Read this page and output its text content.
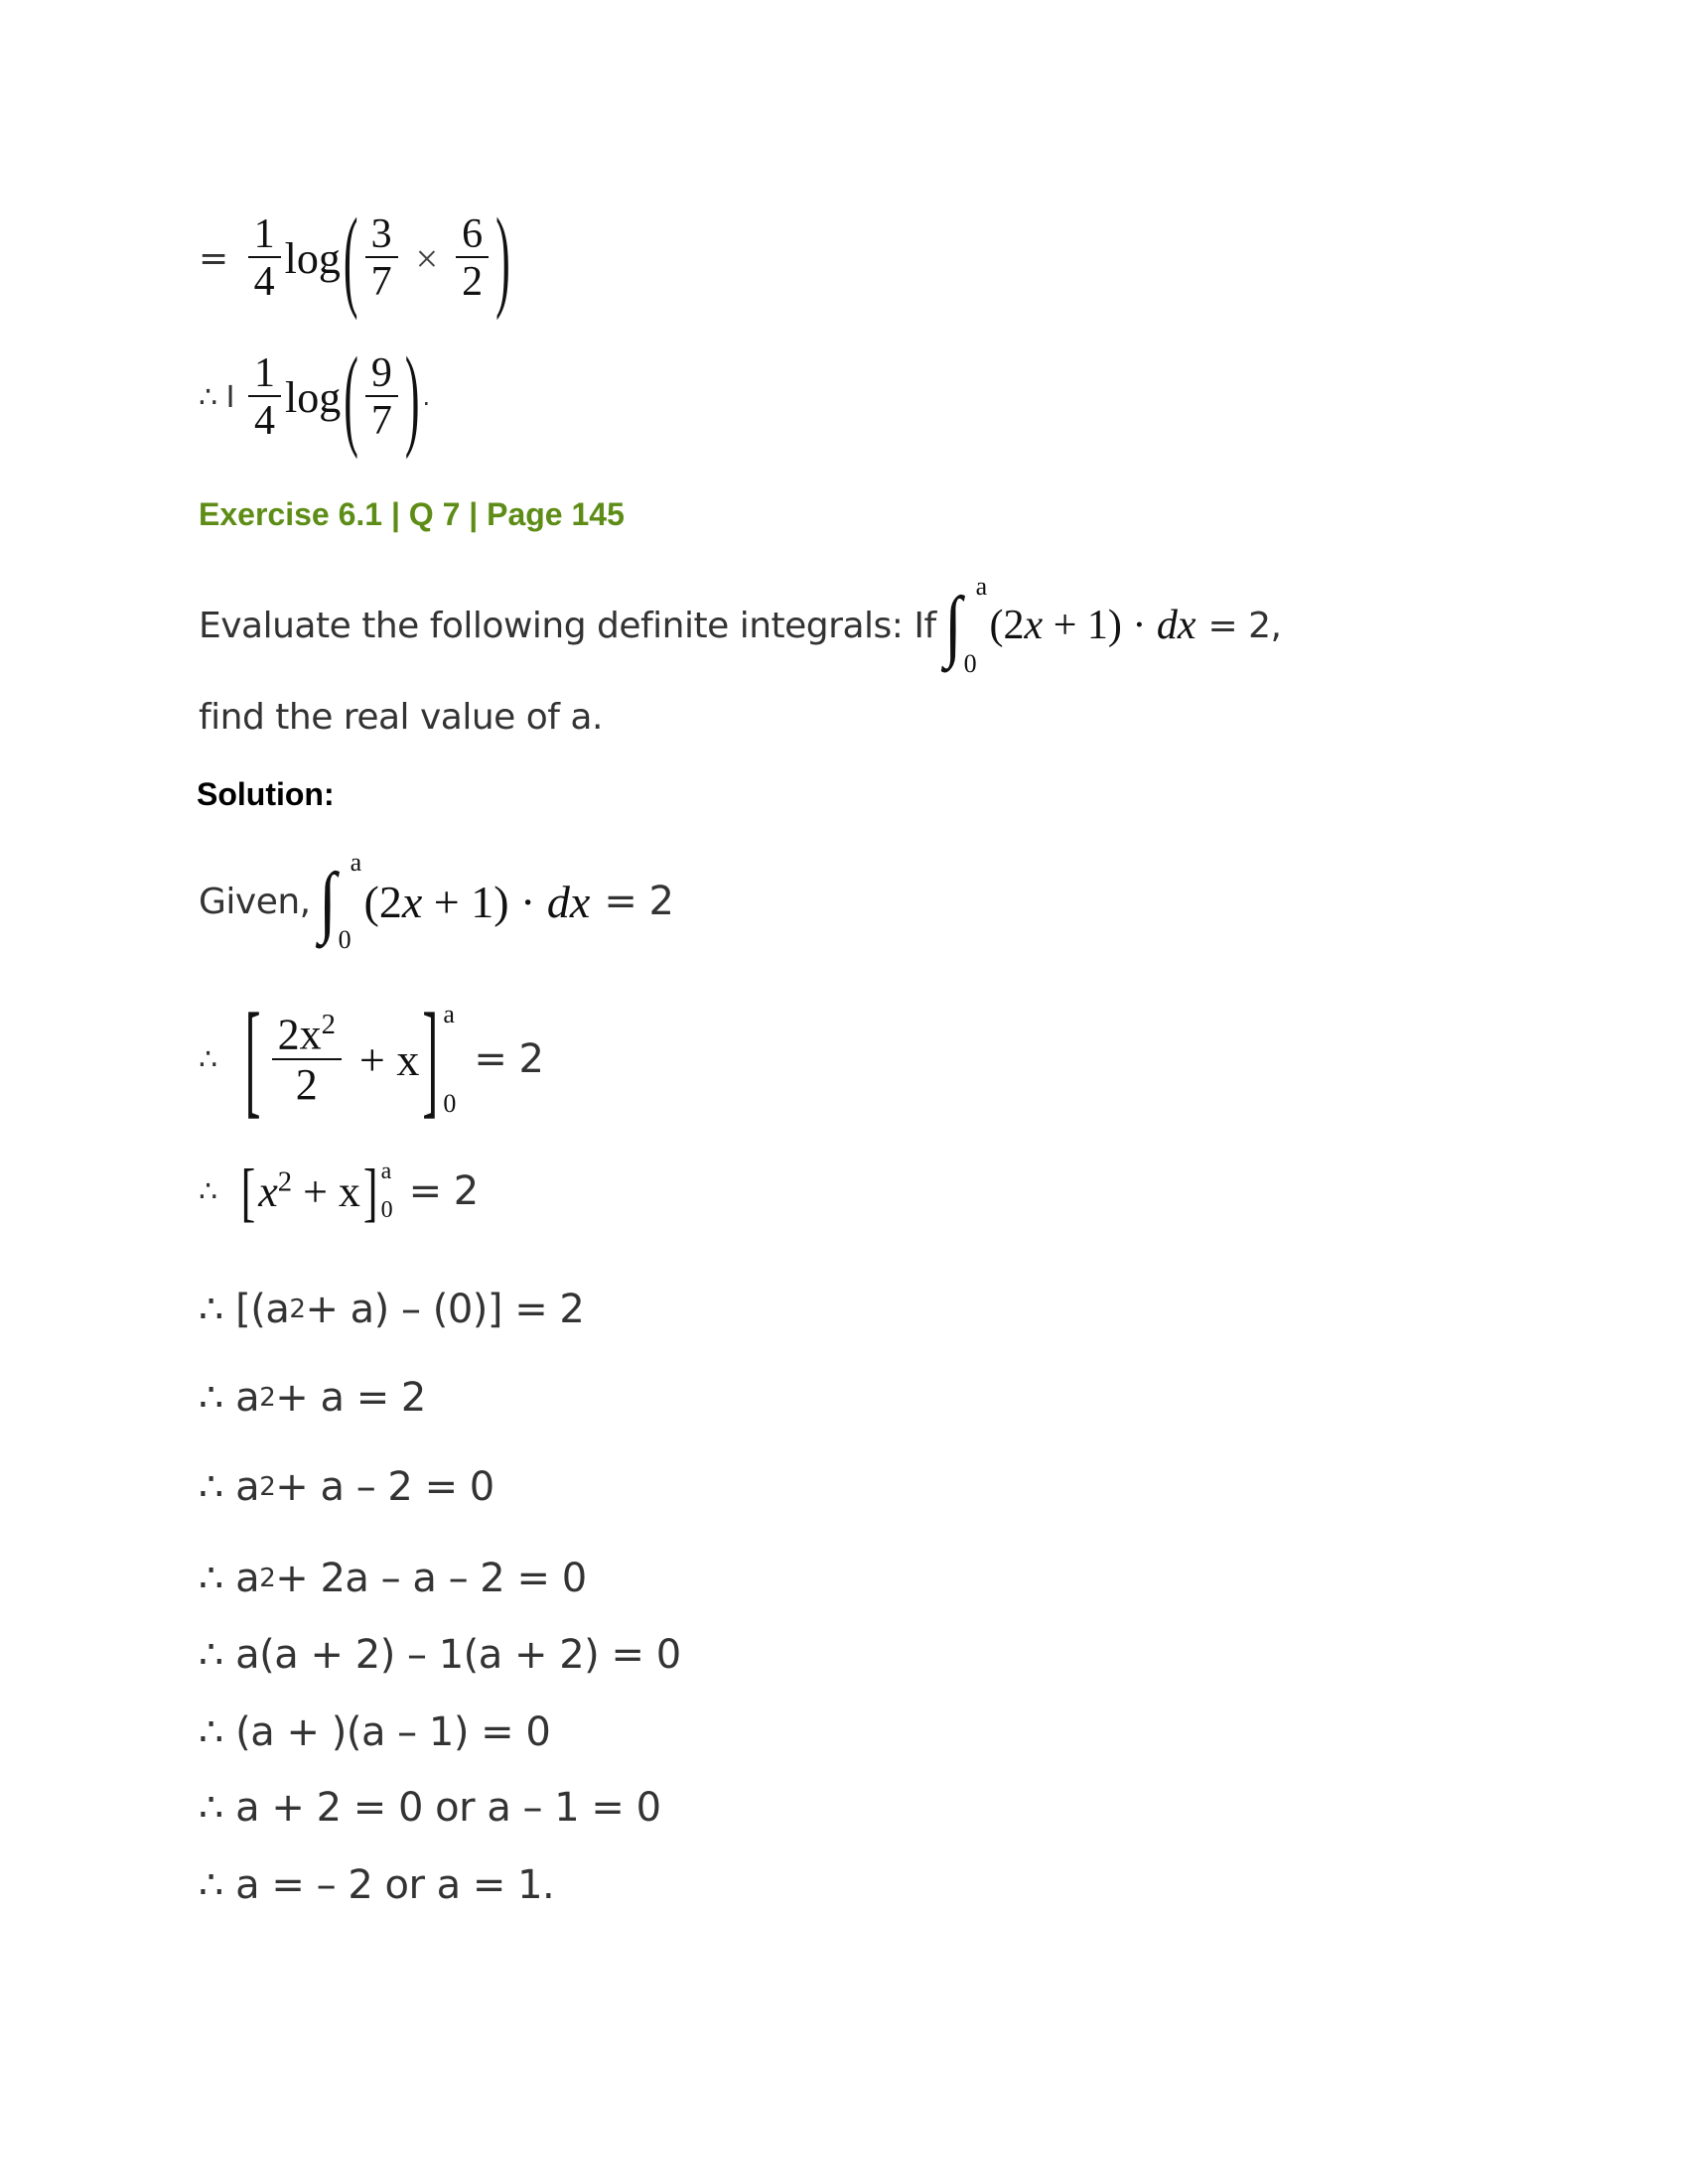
= $\frac{1}{4}$ log ( $\frac{3}{7} \times \frac{6}{2}$ )
∴ I $\frac{1}{4}$ log ( $\frac{9}{7}$ ) .
Exercise 6.1 | Q 7 | Page 145
Evaluate the following definite integrals: If ∫ a
0
(2x + 1) · dx = 2,
find the real value of a.
Solution:
Given, ∫ a
0
(2x + 1) · dx = 2
∴ [ $\frac{2x^2}{2} + x$ ] a
0
= 2
∴ [ $x^2 + x$ ] a
0 = 2
∴ [(a 2 + a) – (0)] = 2
∴ a 2 + a = 2
∴ a 2 + a – 2 = 0
∴ a 2 + 2a – a – 2 = 0
∴ a(a + 2) – 1(a + 2) = 0
∴ (a + )(a – 1) = 0
∴ a + 2 = 0 or a – 1 = 0
∴ a = – 2 or a = 1.
